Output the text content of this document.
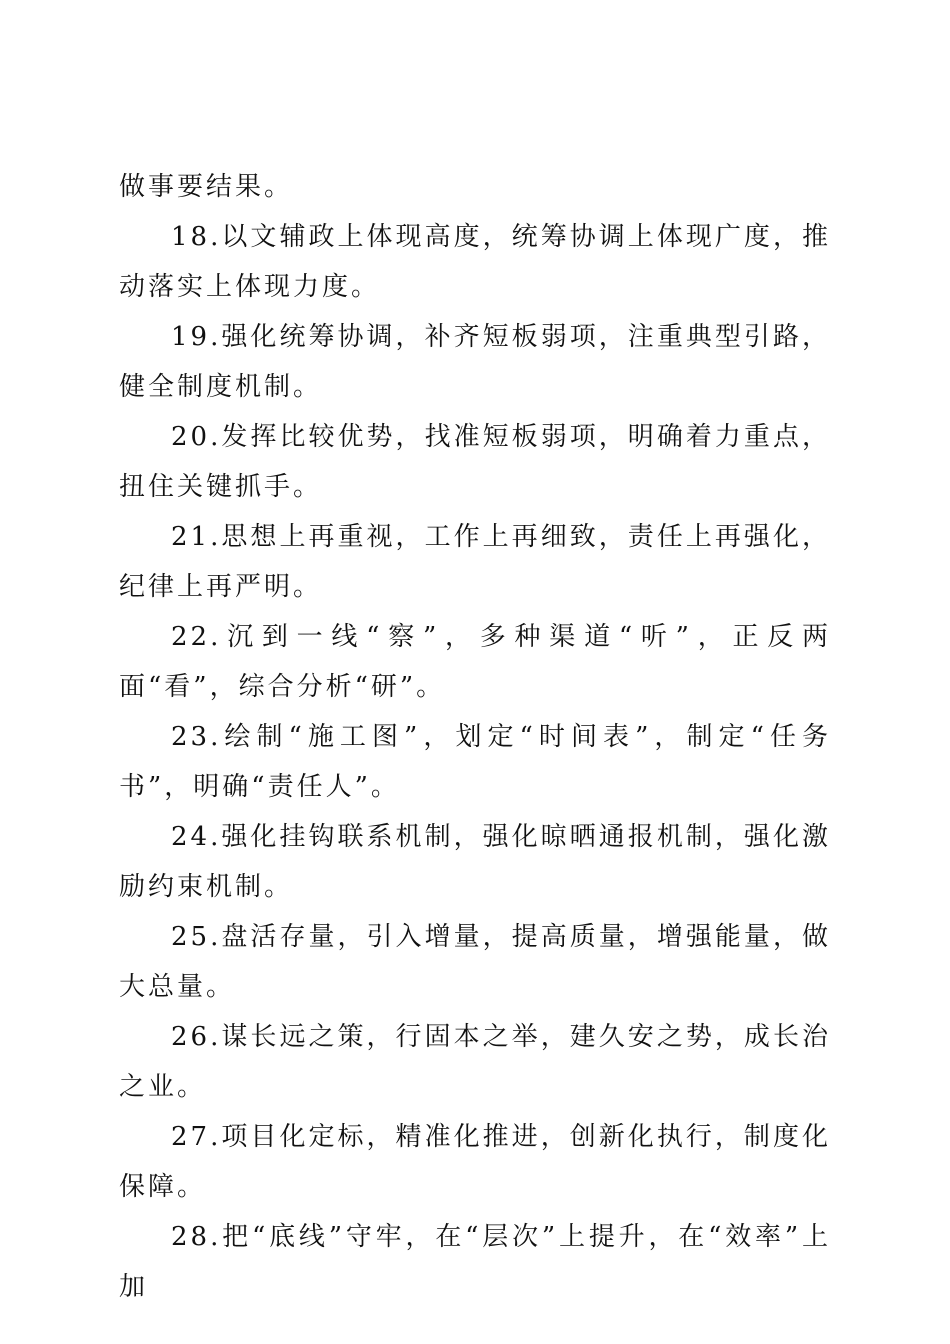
做事要结果。

18.以文辅政上体现高度，统筹协调上体现广度，推动落实上体现力度。

19.强化统筹协调，补齐短板弱项，注重典型引路，健全制度机制。

20.发挥比较优势，找准短板弱项，明确着力重点，扭住关键抓手。

21.思想上再重视，工作上再细致，责任上再强化，纪律上再严明。

22.沉到一线“察”，多种渠道“听”，正反两面“看”，综合分析“研”。

23.绘制“施工图”，划定“时间表”，制定“任务书”，明确“责任人”。

24.强化挂钩联系机制，强化晾晒通报机制，强化激励约束机制。

25.盘活存量，引入增量，提高质量，增强能量，做大总量。

26.谋长远之策，行固本之举，建久安之势，成长治之业。

27.项目化定标，精准化推进，创新化执行，制度化保障。

28.把“底线”守牢，在“层次”上提升，在“效率”上加
